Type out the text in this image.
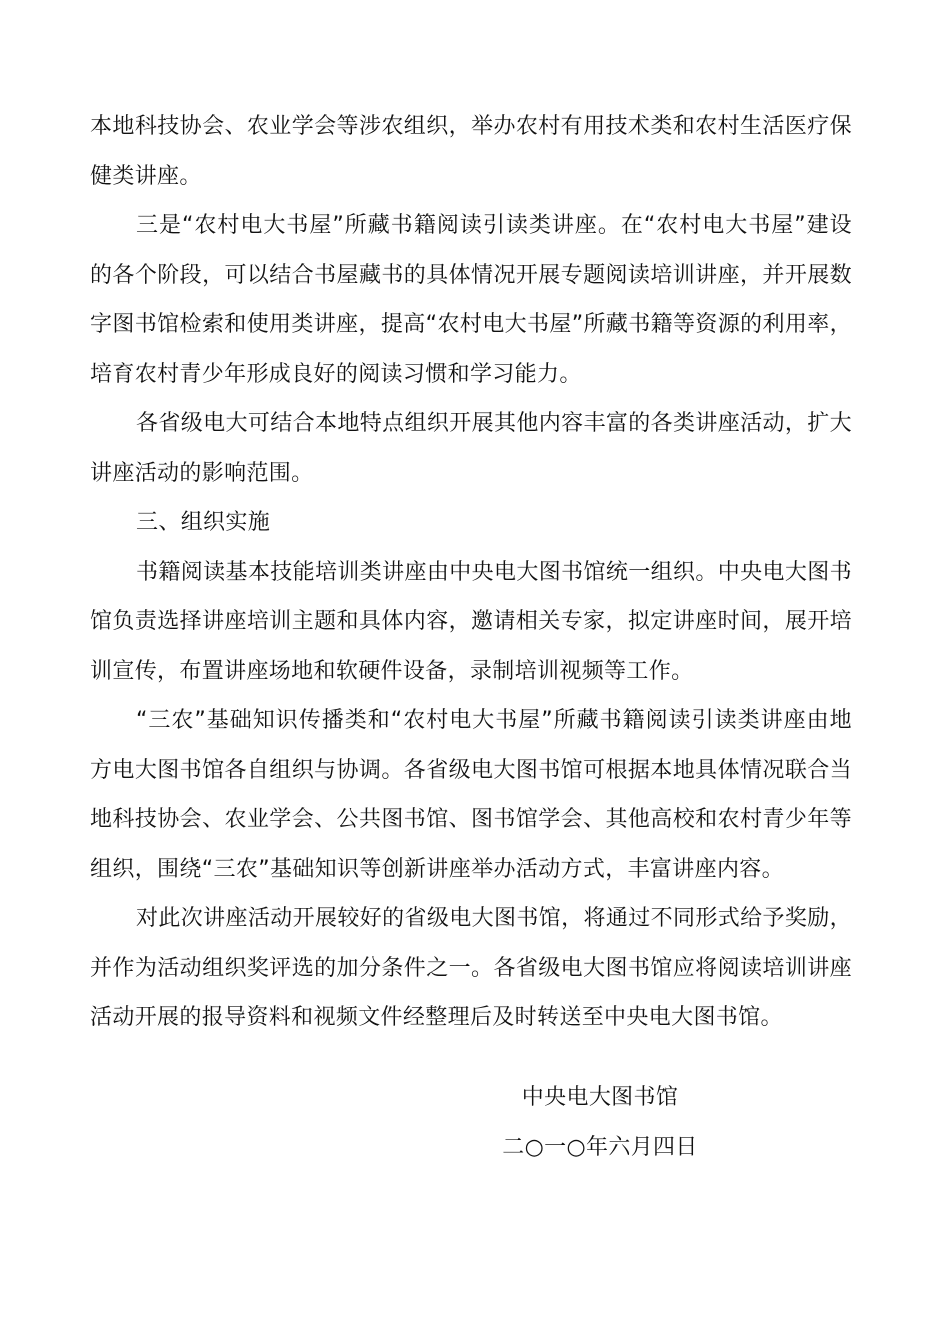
本地科技协会、农业学会等涉农组织，举办农村有用技术类和农村生活医疗保健类讲座。

三是“农村电大书屋”所藏书籍阅读引读类讲座。在“农村电大书屋”建设的各个阶段，可以结合书屋藏书的具体情况开展专题阅读培训讲座，并开展数字图书馆检索和使用类讲座，提高“农村电大书屋”所藏书籍等资源的利用率，培育农村青少年形成良好的阅读习惯和学习能力。

各省级电大可结合本地特点组织开展其他内容丰富的各类讲座活动，扩大讲座活动的影响范围。

三、组织实施

书籍阅读基本技能培训类讲座由中央电大图书馆统一组织。中央电大图书馆负责选择讲座培训主题和具体内容，邀请相关专家，拟定讲座时间，展开培训宣传，布置讲座场地和软硬件设备，录制培训视频等工作。

“三农”基础知识传播类和“农村电大书屋”所藏书籍阅读引读类讲座由地方电大图书馆各自组织与协调。各省级电大图书馆可根据本地具体情况联合当地科技协会、农业学会、公共图书馆、图书馆学会、其他高校和农村青少年等组织，围绕“三农”基础知识等创新讲座举办活动方式，丰富讲座内容。

对此次讲座活动开展较好的省级电大图书馆，将通过不同形式给予奖励，并作为活动组织奖评选的加分条件之一。各省级电大图书馆应将阅读培训讲座活动开展的报导资料和视频文件经整理后及时转送至中央电大图书馆。

中央电大图书馆

二○一○年六月四日
